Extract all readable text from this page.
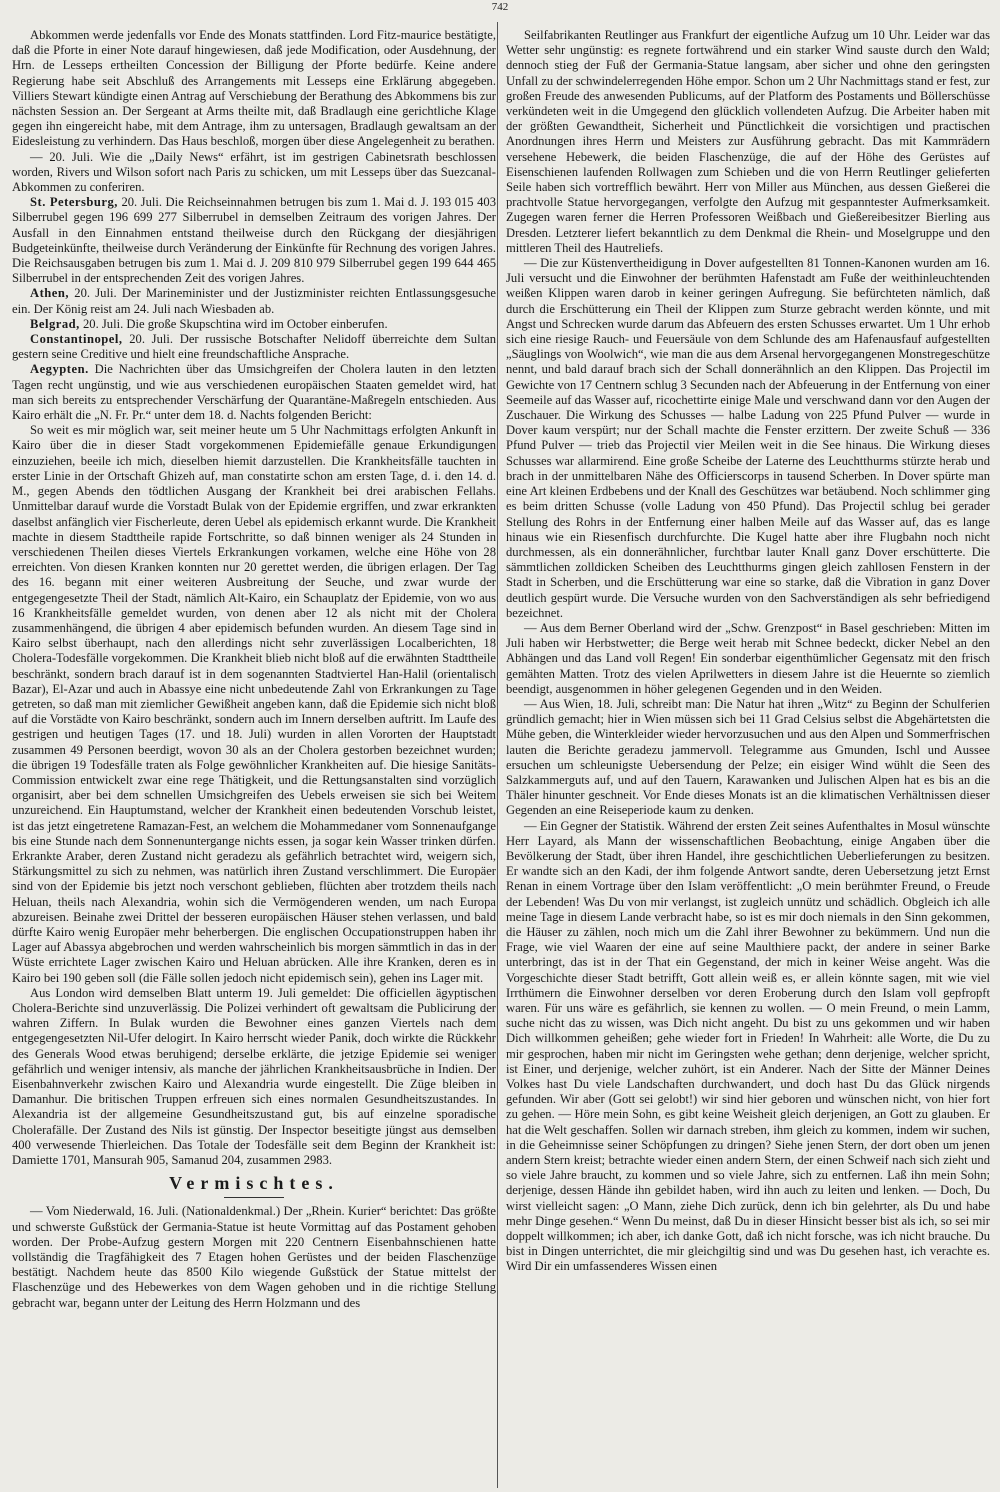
742

Abkommen werde jedenfalls vor Ende des Monats stattfinden. Lord Fitz-maurice bestätigte, daß die Pforte in einer Note darauf hingewiesen, daß jede Modification, oder Ausdehnung, der Hrn. de Lesseps ertheilten Concession der Billigung der Pforte bedürfe. Keine andere Regierung habe seit Abschluß des Arrangements mit Lesseps eine Erklärung abgegeben. Villiers Stewart kündigte einen Antrag auf Verschiebung der Berathung des Abkommens bis zur nächsten Session an. Der Sergeant at Arms theilte mit, daß Bradlaugh eine gerichtliche Klage gegen ihn eingereicht habe, mit dem Antrage, ihm zu untersagen, Bradlaugh gewaltsam an der Eidesleistung zu verhindern. Das Haus beschloß, morgen über diese Angelegenheit zu berathen.

— 20. Juli. Wie die „Daily News“ erfährt, ist im gestrigen Cabinetsrath beschlossen worden, Rivers und Wilson sofort nach Paris zu schicken, um mit Lesseps über das Suezcanal-Abkommen zu conferiren.

St. Petersburg, 20. Juli. Die Reichseinnahmen betrugen bis zum 1. Mai d. J. 193 015 403 Silberrubel gegen 196 699 277 Silberrubel in demselben Zeitraum des vorigen Jahres. Der Ausfall in den Einnahmen entstand theilweise durch den Rückgang der diesjährigen Budgeteinkünfte, theilweise durch Veränderung der Einkünfte für Rechnung des vorigen Jahres. Die Reichsausgaben betrugen bis zum 1. Mai d. J. 209 810 979 Silberrubel gegen 199 644 465 Silberrubel in der entsprechenden Zeit des vorigen Jahres.

Athen, 20. Juli. Der Marineminister und der Justizminister reichten Entlassungsgesuche ein. Der König reist am 24. Juli nach Wiesbaden ab.

Belgrad, 20. Juli. Die große Skupschtina wird im October einberufen.

Constantinopel, 20. Juli. Der russische Botschafter Nelidoff überreichte dem Sultan gestern seine Creditive und hielt eine freundschaftliche Ansprache.

Aegypten. Die Nachrichten über das Umsichgreifen der Cholera lauten in den letzten Tagen recht ungünstig, und wie aus verschiedenen europäischen Staaten gemeldet wird, hat man sich bereits zu entsprechender Verschärfung der Quarantäne-Maßregeln entschieden. Aus Kairo erhält die „N. Fr. Pr.“ unter dem 18. d. Nachts folgenden Bericht:

So weit es mir möglich war, seit meiner heute um 5 Uhr Nachmittags erfolgten Ankunft in Kairo über die in dieser Stadt vorgekommenen Epidemiefälle genaue Erkundigungen einzuziehen, beeile ich mich, dieselben hiemit darzustellen. Die Krankheitsfälle tauchten in erster Linie in der Ortschaft Ghizeh auf, man constatirte schon am ersten Tage, d. i. den 14. d. M., gegen Abends den tödtlichen Ausgang der Krankheit bei drei arabischen Fellahs. Unmittelbar darauf wurde die Vorstadt Bulak von der Epidemie ergriffen, und zwar erkrankten daselbst anfänglich vier Fischerleute, deren Uebel als epidemisch erkannt wurde. Die Krankheit machte in diesem Stadttheile rapide Fortschritte, so daß binnen weniger als 24 Stunden in verschiedenen Theilen dieses Viertels Erkrankungen vorkamen, welche eine Höhe von 28 erreichten. Von diesen Kranken konnten nur 20 gerettet werden, die übrigen erlagen. Der Tag des 16. begann mit einer weiteren Ausbreitung der Seuche, und zwar wurde der entgegengesetzte Theil der Stadt, nämlich Alt-Kairo, ein Schauplatz der Epidemie, von wo aus 16 Krankheitsfälle gemeldet wurden, von denen aber 12 als nicht mit der Cholera zusammenhängend, die übrigen 4 aber epidemisch befunden wurden. An diesem Tage sind in Kairo selbst überhaupt, nach den allerdings nicht sehr zuverlässigen Localberichten, 18 Cholera-Todesfälle vorgekommen. Die Krankheit blieb nicht bloß auf die erwähnten Stadttheile beschränkt, sondern brach darauf ist in dem sogenannten Stadtviertel Han-Halil (orientalisch Bazar), El-Azar und auch in Abassye eine nicht unbedeutende Zahl von Erkrankungen zu Tage getreten, so daß man mit ziemlicher Gewißheit angeben kann, daß die Epidemie sich nicht bloß auf die Vorstädte von Kairo beschränkt, sondern auch im Innern derselben auftritt. Im Laufe des gestrigen und heutigen Tages (17. und 18. Juli) wurden in allen Vororten der Hauptstadt zusammen 49 Personen beerdigt, wovon 30 als an der Cholera gestorben bezeichnet wurden; die übrigen 19 Todesfälle traten als Folge gewöhnlicher Krankheiten auf. Die hiesige Sanitäts-Commission entwickelt zwar eine rege Thätigkeit, und die Rettungsanstalten sind vorzüglich organisirt, aber bei dem schnellen Umsichgreifen des Uebels erweisen sie sich bei Weitem unzureichend. Ein Hauptumstand, welcher der Krankheit einen bedeutenden Vorschub leistet, ist das jetzt eingetretene Ramazan-Fest, an welchem die Mohammedaner vom Sonnenaufgange bis eine Stunde nach dem Sonnenuntergange nichts essen, ja sogar kein Wasser trinken dürfen. Erkrankte Araber, deren Zustand nicht geradezu als gefährlich betrachtet wird, weigern sich, Stärkungsmittel zu sich zu nehmen, was natürlich ihren Zustand verschlimmert. Die Europäer sind von der Epidemie bis jetzt noch verschont geblieben, flüchten aber trotzdem theils nach Heluan, theils nach Alexandria, wohin sich die Vermögenderen wenden, um nach Europa abzureisen. Beinahe zwei Drittel der besseren europäischen Häuser stehen verlassen, und bald dürfte Kairo wenig Europäer mehr beherbergen. Die englischen Occupationstruppen haben ihr Lager auf Abassya abgebrochen und werden wahrscheinlich bis morgen sämmtlich in das in der Wüste errichtete Lager zwischen Kairo und Heluan abrücken. Alle ihre Kranken, deren es in Kairo bei 190 geben soll (die Fälle sollen jedoch nicht epidemisch sein), gehen ins Lager mit.

Aus London wird demselben Blatt unterm 19. Juli gemeldet: Die officiellen ägyptischen Cholera-Berichte sind unzuverlässig. Die Polizei verhindert oft gewaltsam die Publicirung der wahren Ziffern. In Bulak wurden die Bewohner eines ganzen Viertels nach dem entgegengesetzten Nil-Ufer delogirt. In Kairo herrscht wieder Panik, doch wirkte die Rückkehr des Generals Wood etwas beruhigend; derselbe erklärte, die jetzige Epidemie sei weniger gefährlich und weniger intensiv, als manche der jährlichen Krankheitsausbrüche in Indien. Der Eisenbahnverkehr zwischen Kairo und Alexandria wurde eingestellt. Die Züge bleiben in Damanhur. Die britischen Truppen erfreuen sich eines normalen Gesundheitszustandes. In Alexandria ist der allgemeine Gesundheitszustand gut, bis auf einzelne sporadische Cholerafälle. Der Zustand des Nils ist günstig. Der Inspector beseitigte jüngst aus demselben 400 verwesende Thierleichen. Das Totale der Todesfälle seit dem Beginn der Krankheit ist: Damiette 1701, Mansurah 905, Samanud 204, zusammen 2983.

Vermischtes.

— Vom Niederwald, 16. Juli. (Nationaldenkmal.) Der „Rhein. Kurier“ berichtet: Das größte und schwerste Gußstück der Germania-Statue ist heute Vormittag auf das Postament gehoben worden. Der Probe-Aufzug gestern Morgen mit 220 Centnern Eisenbahnschienen hatte vollständig die Tragfähigkeit des 7 Etagen hohen Gerüstes und der beiden Flaschenzüge bestätigt. Nachdem heute das 8500 Kilo wiegende Gußstück der Statue mittelst der Flaschenzüge und des Hebewerkes von dem Wagen gehoben und in die richtige Stellung gebracht war, begann unter der Leitung des Herrn Holzmann und des

Seilfabrikanten Reutlinger aus Frankfurt der eigentliche Aufzug um 10 Uhr. Leider war das Wetter sehr ungünstig: es regnete fortwährend und ein starker Wind sauste durch den Wald; dennoch stieg der Fuß der Germania-Statue langsam, aber sicher und ohne den geringsten Unfall zu der schwindelerregenden Höhe empor. Schon um 2 Uhr Nachmittags stand er fest, zur großen Freude des anwesenden Publicums, auf der Platform des Postaments und Böllerschüsse verkündeten weit in die Umgegend den glücklich vollendeten Aufzug. Die Arbeiter haben mit der größten Gewandtheit, Sicherheit und Pünctlichkeit die vorsichtigen und practischen Anordnungen ihres Herrn und Meisters zur Ausführung gebracht. Das mit Kammrädern versehene Hebewerk, die beiden Flaschenzüge, die auf der Höhe des Gerüstes auf Eisenschienen laufenden Rollwagen zum Schieben und die von Herrn Reutlinger gelieferten Seile haben sich vortrefflich bewährt. Herr von Miller aus München, aus dessen Gießerei die prachtvolle Statue hervorgegangen, verfolgte den Aufzug mit gespanntester Aufmerksamkeit. Zugegen waren ferner die Herren Professoren Weißbach und Gießereibesitzer Bierling aus Dresden. Letzterer liefert bekanntlich zu dem Denkmal die Rhein- und Moselgruppe und den mittleren Theil des Hautreliefs.

— Die zur Küstenvertheidigung in Dover aufgestellten 81 Tonnen-Kanonen wurden am 16. Juli versucht und die Einwohner der berühmten Hafenstadt am Fuße der weithinleuchtenden weißen Klippen waren darob in keiner geringen Aufregung. Sie befürchteten nämlich, daß durch die Erschütterung ein Theil der Klippen zum Sturze gebracht werden könnte, und mit Angst und Schrecken wurde darum das Abfeuern des ersten Schusses erwartet. Um 1 Uhr erhob sich eine riesige Rauch- und Feuersäule von dem Schlunde des am Hafenausfauf aufgestellten „Säuglings von Woolwich“, wie man die aus dem Arsenal hervorgegangenen Monstregeschütze nennt, und bald darauf brach sich der Schall donnerähnlich an den Klippen. Das Projectil im Gewichte von 17 Centnern schlug 3 Secunden nach der Abfeuerung in der Entfernung von einer Seemeile auf das Wasser auf, ricochettirte einige Male und verschwand dann vor den Augen der Zuschauer. Die Wirkung des Schusses — halbe Ladung von 225 Pfund Pulver — wurde in Dover kaum verspürt; nur der Schall machte die Fenster erzittern. Der zweite Schuß — 336 Pfund Pulver — trieb das Projectil vier Meilen weit in die See hinaus. Die Wirkung dieses Schusses war allarmirend. Eine große Scheibe der Laterne des Leuchtthurms stürzte herab und brach in der unmittelbaren Nähe des Officierscorps in tausend Scherben. In Dover spürte man eine Art kleinen Erdbebens und der Knall des Geschützes war betäubend. Noch schlimmer ging es beim dritten Schusse (volle Ladung von 450 Pfund). Das Projectil schlug bei gerader Stellung des Rohrs in der Entfernung einer halben Meile auf das Wasser auf, das es lange hinaus wie ein Riesenfisch durchfurchte. Die Kugel hatte aber ihre Flugbahn noch nicht durchmessen, als ein donnerähnlicher, furchtbar lauter Knall ganz Dover erschütterte. Die sämmtlichen zolldicken Scheiben des Leuchtthurms gingen gleich zahllosen Fenstern in der Stadt in Scherben, und die Erschütterung war eine so starke, daß die Vibration in ganz Dover deutlich gespürt wurde. Die Versuche wurden von den Sachverständigen als sehr befriedigend bezeichnet.

— Aus dem Berner Oberland wird der „Schw. Grenzpost“ in Basel geschrieben: Mitten im Juli haben wir Herbstwetter; die Berge weit herab mit Schnee bedeckt, dicker Nebel an den Abhängen und das Land voll Regen! Ein sonderbar eigenthümlicher Gegensatz mit den frisch gemähten Matten. Trotz des vielen Aprilwetters in diesem Jahre ist die Heuernte so ziemlich beendigt, ausgenommen in höher gelegenen Gegenden und in den Weiden.

— Aus Wien, 18. Juli, schreibt man: Die Natur hat ihren „Witz“ zu Beginn der Schulferien gründlich gemacht; hier in Wien müssen sich bei 11 Grad Celsius selbst die Abgehärtetsten die Mühe geben, die Winterkleider wieder hervorzusuchen und aus den Alpen und Sommerfrischen lauten die Berichte geradezu jammervoll. Telegramme aus Gmunden, Ischl und Aussee ersuchen um schleunigste Uebersendung der Pelze; ein eisiger Wind wühlt die Seen des Salzkammerguts auf, und auf den Tauern, Karawanken und Julischen Alpen hat es bis an die Thäler hinunter geschneit. Vor Ende dieses Monats ist an die klimatischen Verhältnissen dieser Gegenden an eine Reiseperiode kaum zu denken.

— Ein Gegner der Statistik. Während der ersten Zeit seines Aufenthaltes in Mosul wünschte Herr Layard, als Mann der wissenschaftlichen Beobachtung, einige Angaben über die Bevölkerung der Stadt, über ihren Handel, ihre geschichtlichen Ueberlieferungen zu besitzen. Er wandte sich an den Kadi, der ihm folgende Antwort sandte, deren Uebersetzung jetzt Ernst Renan in einem Vortrage über den Islam veröffentlicht: „O mein berühmter Freund, o Freude der Lebenden! Was Du von mir verlangst, ist zugleich unnütz und schädlich. Obgleich ich alle meine Tage in diesem Lande verbracht habe, so ist es mir doch niemals in den Sinn gekommen, die Häuser zu zählen, noch mich um die Zahl ihrer Bewohner zu bekümmern. Und nun die Frage, wie viel Waaren der eine auf seine Maulthiere packt, der andere in seiner Barke unterbringt, das ist in der That ein Gegenstand, der mich in keiner Weise angeht. Was die Vorgeschichte dieser Stadt betrifft, Gott allein weiß es, er allein könnte sagen, mit wie viel Irrthümern die Einwohner derselben vor deren Eroberung durch den Islam voll gepfropft waren. Für uns wäre es gefährlich, sie kennen zu wollen. — O mein Freund, o mein Lamm, suche nicht das zu wissen, was Dich nicht angeht. Du bist zu uns gekommen und wir haben Dich willkommen geheißen; gehe wieder fort in Frieden! In Wahrheit: alle Worte, die Du zu mir gesprochen, haben mir nicht im Geringsten wehe gethan; denn derjenige, welcher spricht, ist Einer, und derjenige, welcher zuhört, ist ein Anderer. Nach der Sitte der Männer Deines Volkes hast Du viele Landschaften durchwandert, und doch hast Du das Glück nirgends gefunden. Wir aber (Gott sei gelobt!) wir sind hier geboren und wünschen nicht, von hier fort zu gehen. — Höre mein Sohn, es gibt keine Weisheit gleich derjenigen, an Gott zu glauben. Er hat die Welt geschaffen. Sollen wir darnach streben, ihm gleich zu kommen, indem wir suchen, in die Geheimnisse seiner Schöpfungen zu dringen? Siehe jenen Stern, der dort oben um jenen andern Stern kreist; betrachte wieder einen andern Stern, der einen Schweif nach sich zieht und so viele Jahre braucht, zu kommen und so viele Jahre, sich zu entfernen. Laß ihn mein Sohn; derjenige, dessen Hände ihn gebildet haben, wird ihn auch zu leiten und lenken. — Doch, Du wirst vielleicht sagen: „O Mann, ziehe Dich zurück, denn ich bin gelehrter, als Du und habe mehr Dinge gesehen.“ Wenn Du meinst, daß Du in dieser Hinsicht besser bist als ich, so sei mir doppelt willkommen; ich aber, ich danke Gott, daß ich nicht forsche, was ich nicht brauche. Du bist in Dingen unterrichtet, die mir gleichgiltig sind und was Du gesehen hast, ich verachte es. Wird Dir ein umfassenderes Wissen einen
